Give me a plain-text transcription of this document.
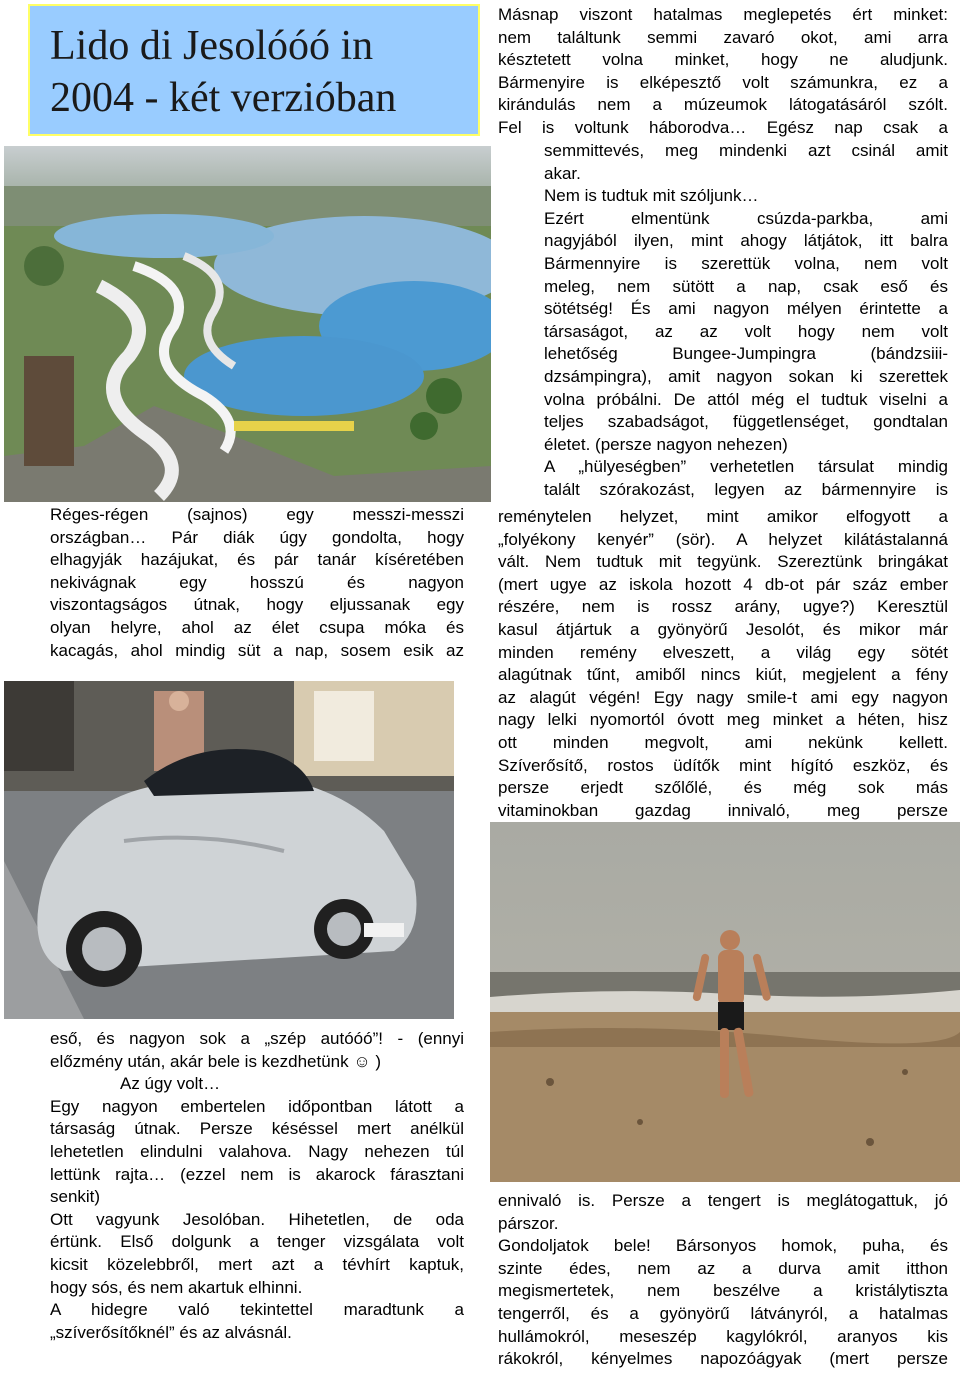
Lido di Jesolóóó in
2004 - két verzióban
Réges-régen (sajnos) egy messzi-messzi
országban… Pár diák úgy gondolta, hogy
elhagyják hazájukat, és pár tanár kíséretében
nekivágnak egy hosszú és nagyon
viszontagságos útnak, hogy eljussanak egy
olyan helyre, ahol az élet csupa móka és
kacagás, ahol mindig süt a nap, sosem esik az
eső, és nagyon sok a „szép autóóó”! - (ennyi
előzmény után, akár bele is kezdhetünk ☺ )
Az úgy volt…
Egy nagyon embertelen időpontban látott a
társaság útnak. Persze késéssel mert anélkül
lehetetlen elindulni valahova. Nagy nehezen túl
lettünk rajta… (ezzel nem is akarock fárasztani
senkit)
Ott vagyunk Jesolóban. Hihetetlen, de oda
értünk. Első dolgunk a tenger vizsgálata volt
kicsit közelebbről, mert azt a tévhírt kaptuk,
hogy sós, és nem akartuk elhinni.
A hidegre való tekintettel maradtunk a
„szíverősítőknél” és az alvásnál.
Másnap viszont hatalmas meglepetés ért minket:
nem találtunk semmi zavaró okot, ami arra
késztetett volna minket, hogy ne aludjunk.
Bármenyire is elképesztő volt számunkra, ez a
kirándulás nem a múzeumok látogatásáról szólt.
Fel is voltunk háborodva… Egész nap csak a
semmittevés, meg mindenki azt csinál amit
akar.
Nem is tudtuk mit szóljunk…
Ezért elmentünk csúzda-parkba, ami
nagyjából ilyen, mint ahogy látjátok, itt balra
Bármennyire is szerettük volna, nem volt
meleg, nem sütött a nap, csak eső és
sötétség! És ami nagyon mélyen érintette a
társaságot, az az volt hogy nem volt
lehetőség Bungee-Jumpingra (bándzsiii-
dzsámpingra), amit nagyon sokan ki szerettek
volna próbálni. De attól még el tudtuk viselni a
teljes szabadságot, függetlenséget, gondtalan
életet. (persze nagyon nehezen)
A „hülyeségben” verhetetlen társulat mindig
talált szórakozást, legyen az bármennyire is
reménytelen helyzet, mint amikor elfogyott a
„folyékony kenyér” (sör). A helyzet kilátástalanná
vált. Nem tudtuk mit tegyünk. Szereztünk bringákat
(mert ugye az iskola hozott 4 db-ot pár száz ember
részére, nem is rossz arány, ugye?) Keresztül
kasul átjártuk a gyönyörű Jesolót, és mikor már
minden remény elveszett, a világ egy sötét
alagútnak tűnt, amiből nincs kiút, megjelent a fény
az alagút végén! Egy nagy smile-t ami egy nagyon
nagy lelki nyomortól óvott meg minket a héten, hisz
ott minden megvolt, ami nekünk kellett.
Szíverősítő, rostos üdítők mint hígító eszköz, és
persze erjedt szőlőlé, és még sok más
vitaminokban gazdag innivaló, meg persze
ennivaló is. Persze a tengert is meglátogattuk, jó
párszor.
Gondoljatok bele! Bársonyos homok, puha, és
szinte édes, nem az a durva amit itthon
megismertetek, nem beszélve a kristálytiszta
tengerről, és a gyönyörű látványról, a hatalmas
hullámokról, meseszép kagylókról, aranyos kis
rákokról, kényelmes napozóágyak (mert persze
